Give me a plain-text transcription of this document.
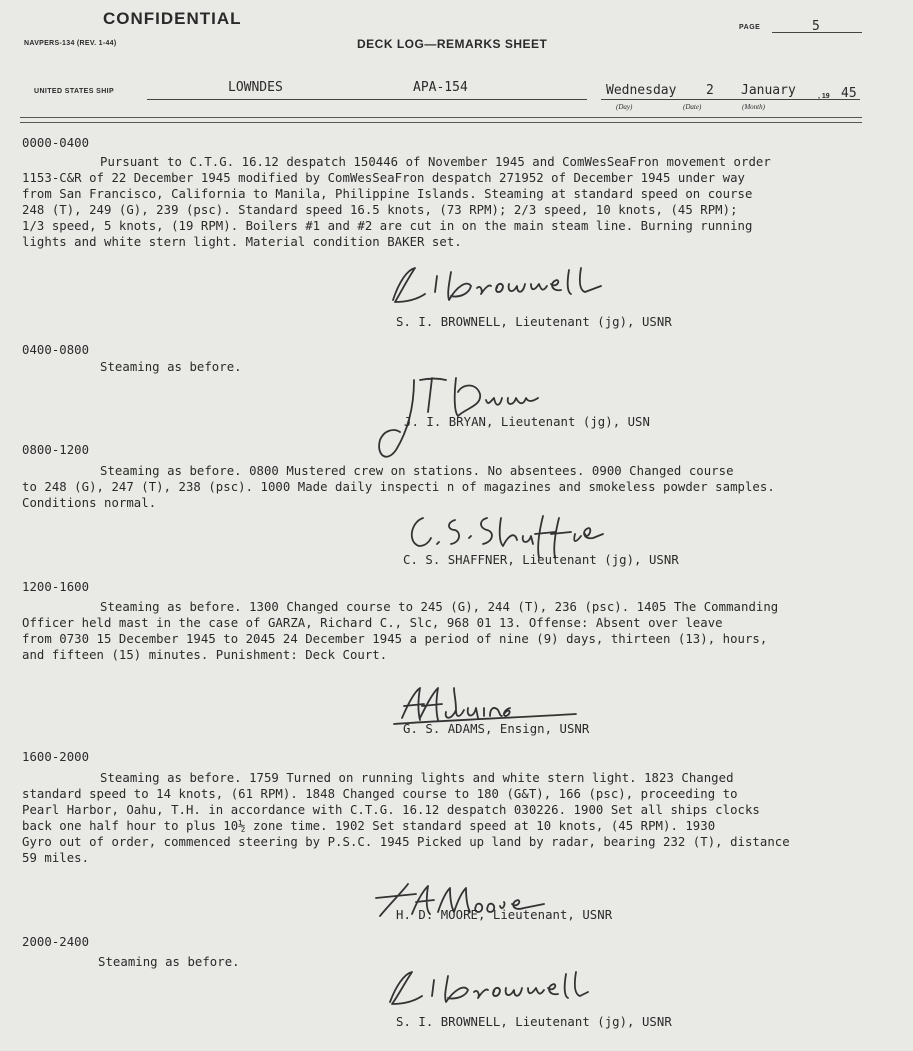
CONFIDENTIAL
NAVPERS-134 (REV. 1-44)	DECK LOG—REMARKS SHEET
PAGE	5
UNITED STATES SHIP	LOWNDES	APA-154	Wednesday 2 January	, 19 45
(Day)	(Date)	(Month)
0000-0400
Pursuant to C.T.G. 16.12 despatch 150446 of November 1945 and ComWesSeaFron movement order
1153-C&R of 22 December 1945 modified by ComWesSeaFron despatch 271952 of December 1945 under way
from San Francisco, California to Manila, Philippine Islands. Steaming at standard speed on course
248 (T), 249 (G), 239 (psc). Standard speed 16.5 knots, (73 RPM); 2/3 speed, 10 knots, (45 RPM);
1/3 speed, 5 knots, (19 RPM). Boilers #1 and #2 are cut in on the main steam line. Burning running
lights and white stern light. Material condition BAKER set.
S. I. BROWNELL, Lieutenant (jg), USNR
0400-0800
Steaming as before.
J. I. BRYAN, Lieutenant (jg), USN
0800-1200
Steaming as before. 0800 Mustered crew on stations. No absentees. 0900 Changed course
to 248 (G), 247 (T), 238 (psc). 1000 Made daily inspecti n of magazines and smokeless powder samples.
Conditions normal.
C. S. SHAFFNER, Lieutenant (jg), USNR
1200-1600
Steaming as before. 1300 Changed course to 245 (G), 244 (T), 236 (psc). 1405 The Commanding
Officer held mast in the case of GARZA, Richard C., Slc, 968 01 13. Offense: Absent over leave
from 0730 15 December 1945 to 2045 24 December 1945 a period of nine (9) days, thirteen (13), hours,
and fifteen (15) minutes. Punishment: Deck Court.
G. S. ADAMS, Ensign, USNR
1600-2000
Steaming as before. 1759 Turned on running lights and white stern light. 1823 Changed
standard speed to 14 knots, (61 RPM). 1848 Changed course to 180 (G&T), 166 (psc), proceeding to
Pearl Harbor, Oahu, T.H. in accordance with C.T.G. 16.12 despatch 030226. 1900 Set all ships clocks
back one half hour to plus 10½ zone time. 1902 Set standard speed at 10 knots, (45 RPM). 1930
Gyro out of order, commenced steering by P.S.C. 1945 Picked up land by radar, bearing 232 (T), distance
59 miles.
H. D. MOORE, Lieutenant, USNR
2000-2400
Steaming as before.
S. I. BROWNELL, Lieutenant (jg), USNR
